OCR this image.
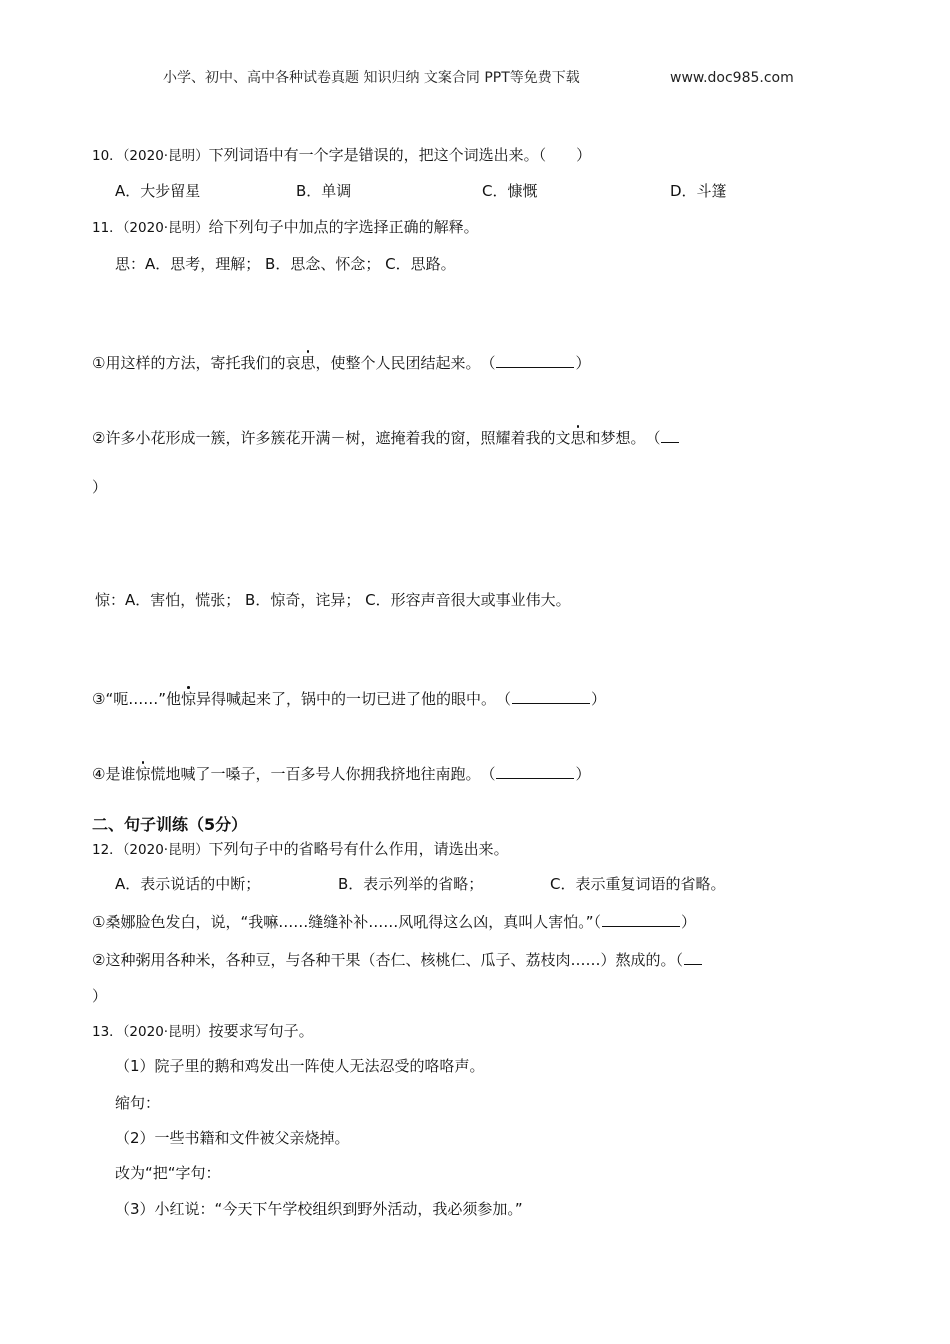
小学、初中、高中各种试卷真题 知识归纳 文案合同 PPT等免费下载	www.doc985.com
10．（2020·昆明）下列词语中有一个字是错误的，把这个词选出来。（　　）
A．大步留星	B．单调	C．慷慨	D．斗篷
11．（2020·昆明）给下列句子中加点的字选择正确的解释。
思：A．思考，理解； B．思念、怀念； C．思路。
①用这样的方法，寄托我们的哀思，使整个人民团结起来。　（	）
②许多小花形成一簇，许多簇花开满－树，遮掩着我的窗，照耀着我的文思和梦想。　（
）
惊：A．害怕，慌张； B．惊奇，诧异； C．形容声音很大或事业伟大。
③“呃……”他惊异得喊起来了，锅中的一切已进了他的眼中。　（	）
④是谁惊慌地喊了一嗓子，一百多号人你拥我挤地往南跑。　（	）
二、句子训练（5分）
12．（2020·昆明）下列句子中的省略号有什么作用，请选出来。
A．表示说话的中断；	B．表示列举的省略；	C．表示重复词语的省略。
①桑娜脸色发白，说，“我嘛……缝缝补补……风吼得这么凶，真叫人害怕。”（	）
②这种粥用各种米，各种豆，与各种干果（杏仁、核桃仁、瓜子、荔枝肉……）熬成的。（
）
13．（2020·昆明）按要求写句子。
（1）院子里的鹅和鸡发出一阵使人无法忍受的咯咯声。
缩句：
（2）一些书籍和文件被父亲烧掉。
改为“把“字句：
（3）小红说：“今天下午学校组织到野外活动，我必须参加。”
